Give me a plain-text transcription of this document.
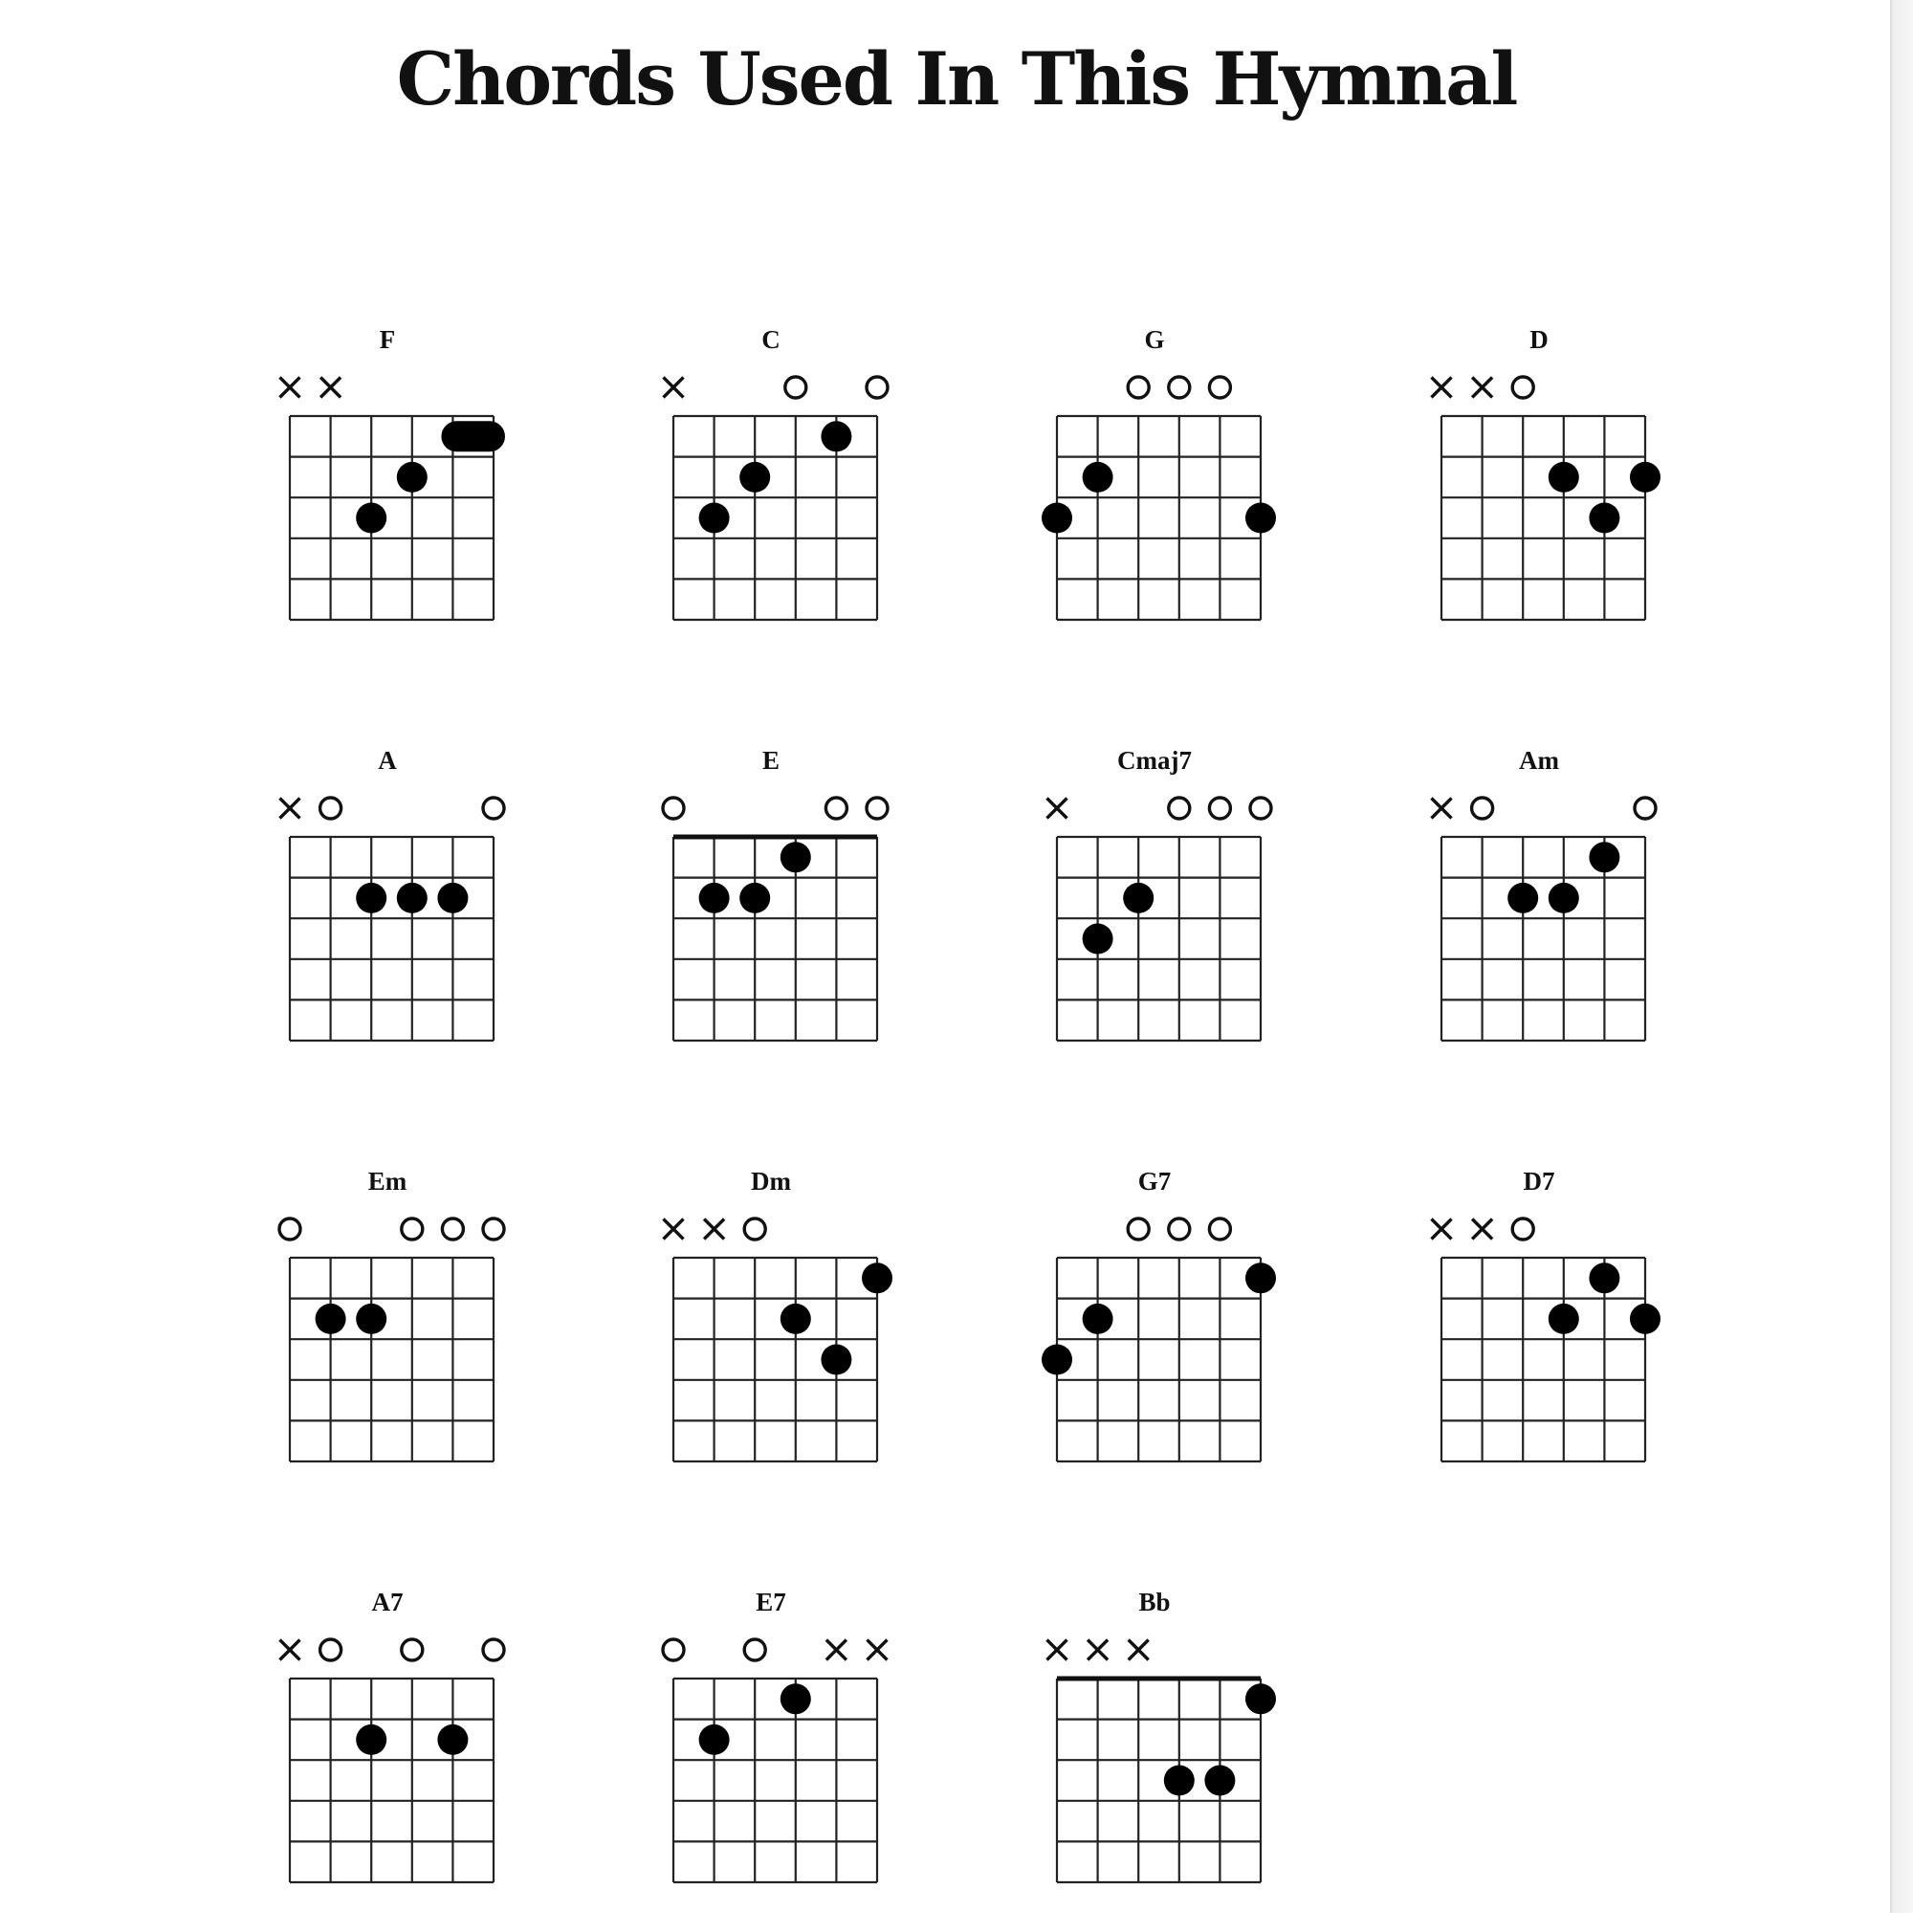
Chords Used In This Hymnal
F	C	G	D
A	E	Cmaj7	Am
Em	Dm	G7	D7
A7	E7	Bb
